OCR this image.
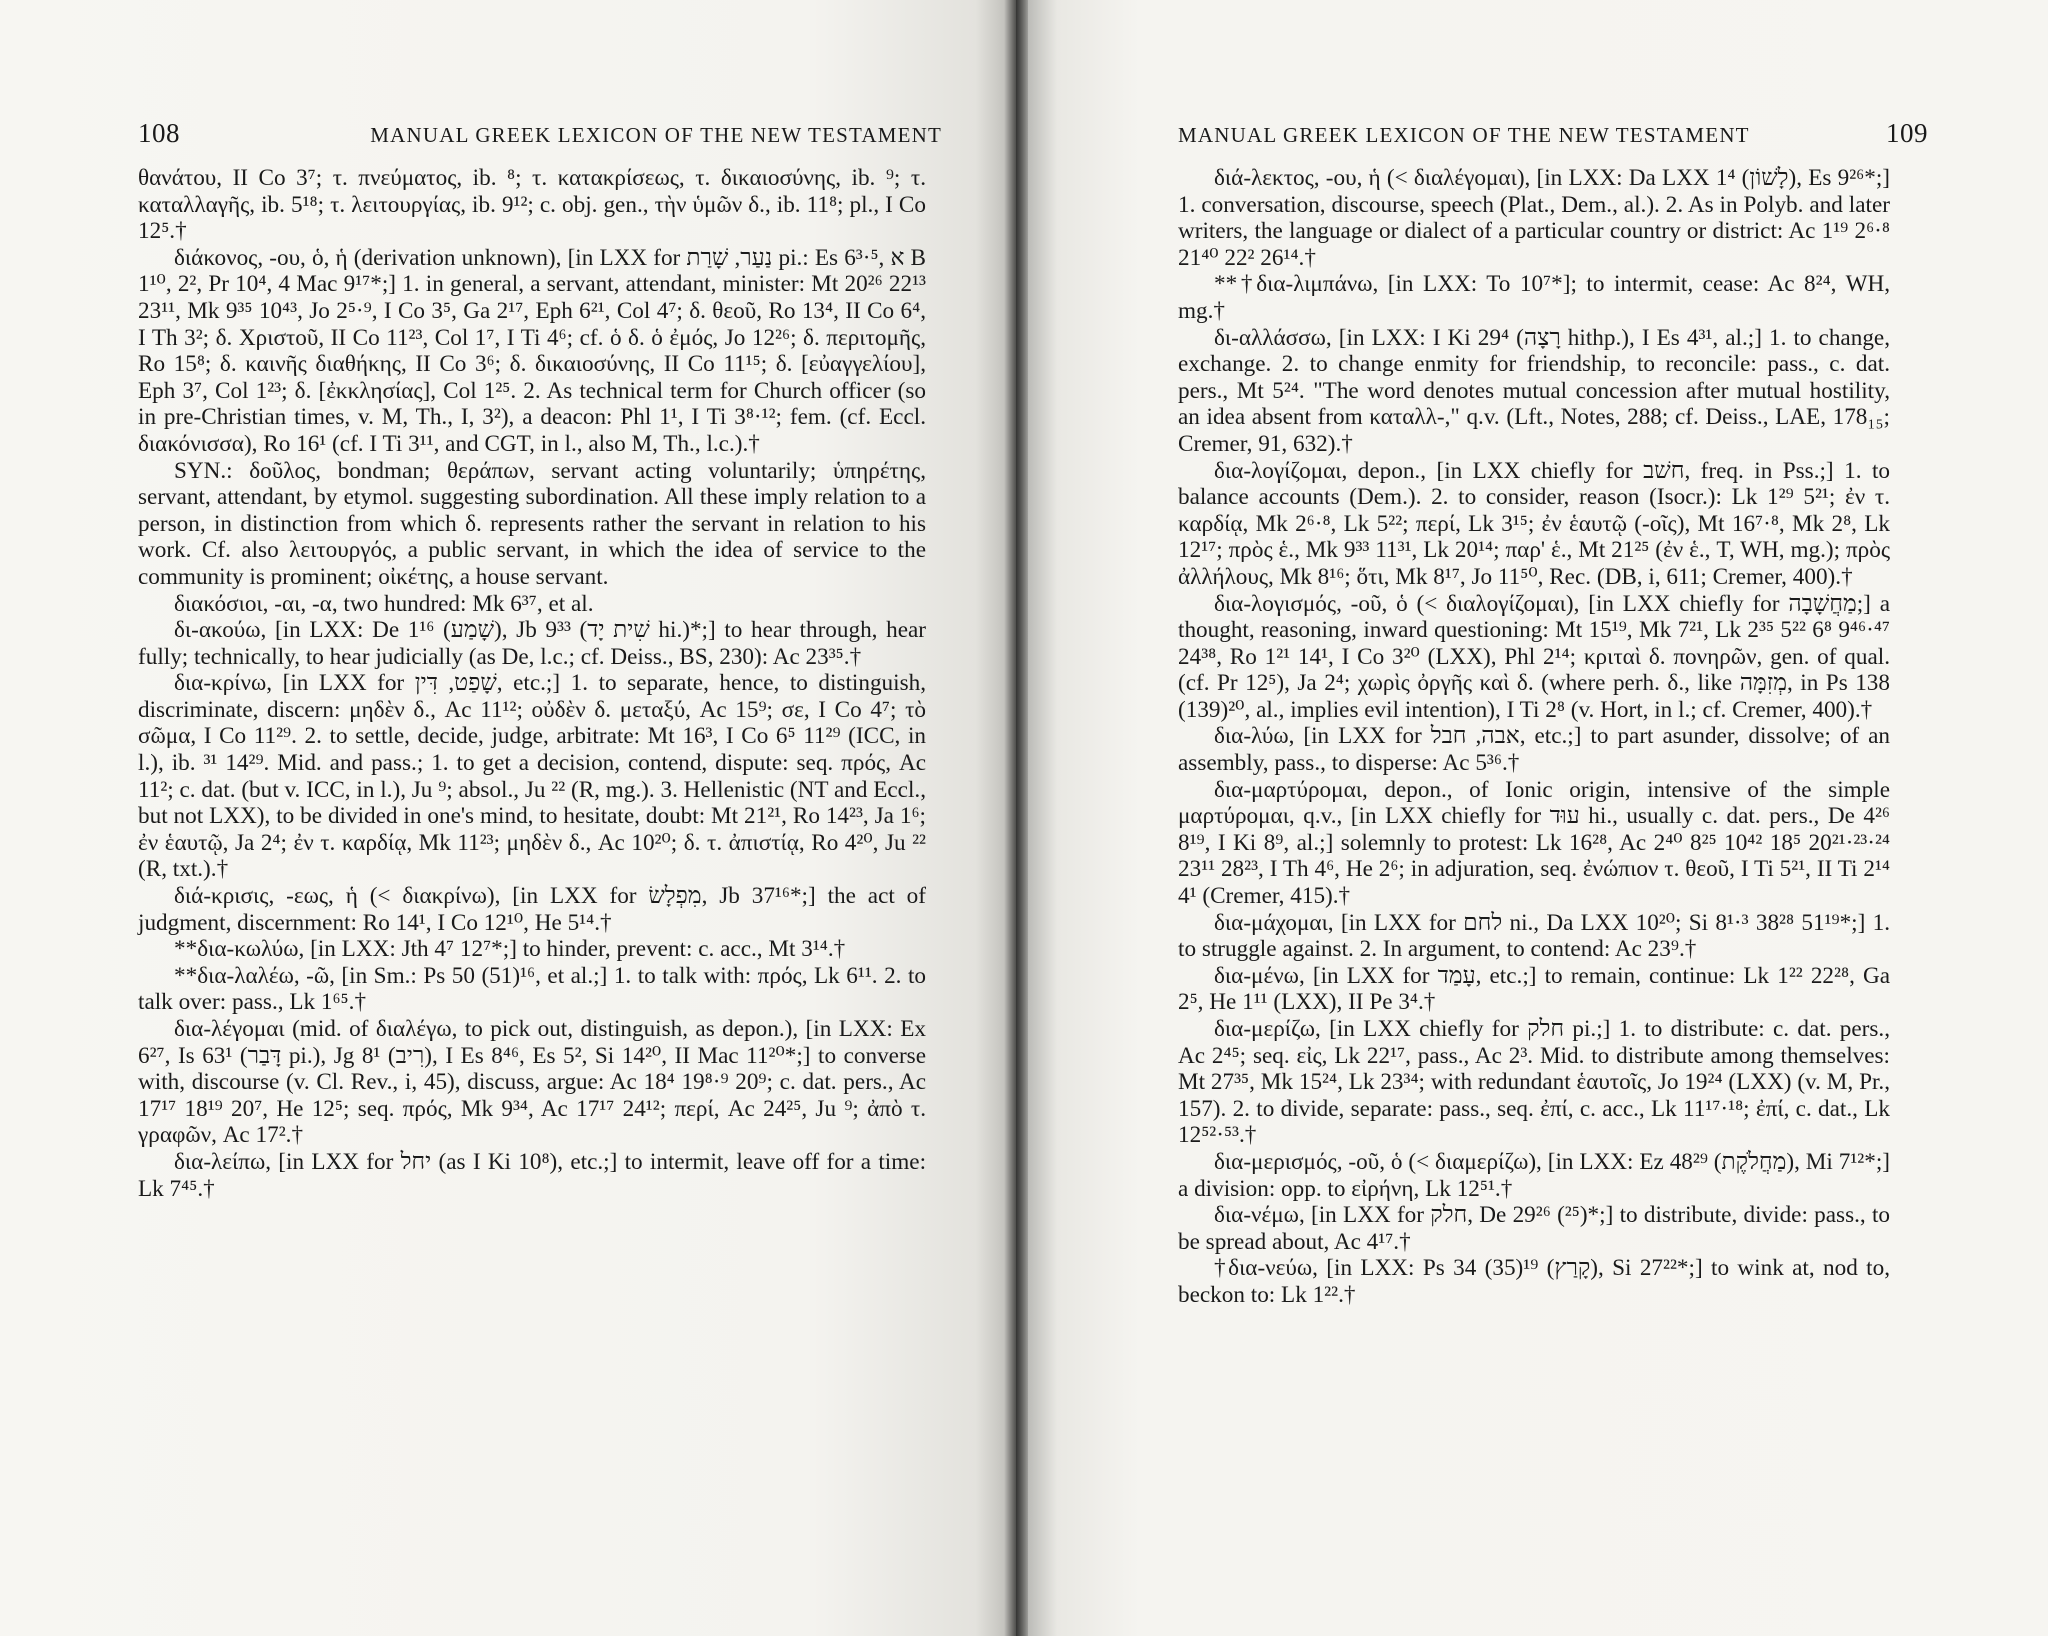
108	MANUAL GREEK LEXICON OF THE NEW TESTAMENT

θανάτου, II Co 3⁷; τ. πνεύματος, ib. ⁸; τ. κατακρίσεως, τ. δικαιοσύνης, ib. ⁹; τ. καταλλαγῆς, ib. 5¹⁸; τ. λειτουργίας, ib. 9¹²; c. obj. gen., τὴν ὑμῶν δ., ib. 11⁸; pl., I Co 12⁵.†

διάκονος, -ου, ὁ, ἡ (derivation unknown), [in LXX for נַעַר, שָׁרַת pi.: Es 6³·⁵, א B 1¹⁰, 2², Pr 10⁴, 4 Mac 9¹⁷*;] 1. in general, a servant, attendant, minister: Mt 20²⁶ 22¹³ 23¹¹, Mk 9³⁵ 10⁴³, Jo 2⁵·⁹, I Co 3⁵, Ga 2¹⁷, Eph 6²¹, Col 4⁷; δ. θεοῦ, Ro 13⁴, II Co 6⁴, I Th 3²; δ. Χριστοῦ, II Co 11²³, Col 1⁷, I Ti 4⁶; cf. ὁ δ. ὁ ἐμός, Jo 12²⁶; δ. περιτομῆς, Ro 15⁸; δ. καινῆς διαθήκης, II Co 3⁶; δ. δικαιοσύνης, II Co 11¹⁵; δ. [εὐαγγελίου], Eph 3⁷, Col 1²³; δ. [ἐκκλησίας], Col 1²⁵. 2. As technical term for Church officer (so in pre-Christian times, v. M, Th., I, 3²), a deacon: Phl 1¹, I Ti 3⁸·¹²; fem. (cf. Eccl. διακόνισσα), Ro 16¹ (cf. I Ti 3¹¹, and CGT, in l., also M, Th., l.c.).†

SYN.: δοῦλος, bondman; θεράπων, servant acting voluntarily; ὑπηρέτης, servant, attendant, by etymol. suggesting subordination. All these imply relation to a person, in distinction from which δ. represents rather the servant in relation to his work. Cf. also λειτουργός, a public servant, in which the idea of service to the community is prominent; οἰκέτης, a house servant.

διακόσιοι, -αι, -α, two hundred: Mk 6³⁷, et al.

δι-ακούω, [in LXX: De 1¹⁶ (שָׁמַע), Jb 9³³ (שִׁית יָד hi.)*;] to hear through, hear fully; technically, to hear judicially (as De, l.c.; cf. Deiss., BS, 230): Ac 23³⁵.†

δια-κρίνω, [in LXX for שָׁפַט, דִּין, etc.;] 1. to separate, hence, to distinguish, discriminate, discern: μηδὲν δ., Ac 11¹²; οὐδὲν δ. μεταξύ, Ac 15⁹; σε, I Co 4⁷; τὸ σῶμα, I Co 11²⁹. 2. to settle, decide, judge, arbitrate: Mt 16³, I Co 6⁵ 11²⁹ (ICC, in l.), ib. ³¹ 14²⁹. Mid. and pass.; 1. to get a decision, contend, dispute: seq. πρός, Ac 11²; c. dat. (but v. ICC, in l.), Ju ⁹; absol., Ju ²² (R, mg.). 3. Hellenistic (NT and Eccl., but not LXX), to be divided in one's mind, to hesitate, doubt: Mt 21²¹, Ro 14²³, Ja 1⁶; ἐν ἑαυτῷ, Ja 2⁴; ἐν τ. καρδίᾳ, Mk 11²³; μηδὲν δ., Ac 10²⁰; δ. τ. ἀπιστίᾳ, Ro 4²⁰, Ju ²² (R, txt.).†

διά-κρισις, -εως, ἡ (< διακρίνω), [in LXX for מִפְלָשׂ, Jb 37¹⁶*;] the act of judgment, discernment: Ro 14¹, I Co 12¹⁰, He 5¹⁴.†

**δια-κωλύω, [in LXX: Jth 4⁷ 12⁷*;] to hinder, prevent: c. acc., Mt 3¹⁴.†

**δια-λαλέω, -ῶ, [in Sm.: Ps 50 (51)¹⁶, et al.;] 1. to talk with: πρός, Lk 6¹¹. 2. to talk over: pass., Lk 1⁶⁵.†

δια-λέγομαι (mid. of διαλέγω, to pick out, distinguish, as depon.), [in LXX: Ex 6²⁷, Is 63¹ (דָּבַר pi.), Jg 8¹ (רִיב), I Es 8⁴⁶, Es 5², Si 14²⁰, II Mac 11²⁰*;] to converse with, discourse (v. Cl. Rev., i, 45), discuss, argue: Ac 18⁴ 19⁸·⁹ 20⁹; c. dat. pers., Ac 17¹⁷ 18¹⁹ 20⁷, He 12⁵; seq. πρός, Mk 9³⁴, Ac 17¹⁷ 24¹²; περί, Ac 24²⁵, Ju ⁹; ἀπὸ τ. γραφῶν, Ac 17².†

δια-λείπω, [in LXX for יחל (as I Ki 10⁸), etc.;] to intermit, leave off for a time: Lk 7⁴⁵.†

MANUAL GREEK LEXICON OF THE NEW TESTAMENT	109

διά-λεκτος, -ου, ἡ (< διαλέγομαι), [in LXX: Da LXX 1⁴ (לָשׁוֹן), Es 9²⁶*;] 1. conversation, discourse, speech (Plat., Dem., al.). 2. As in Polyb. and later writers, the language or dialect of a particular country or district: Ac 1¹⁹ 2⁶·⁸ 21⁴⁰ 22² 26¹⁴.†

**†δια-λιμπάνω, [in LXX: To 10⁷*]; to intermit, cease: Ac 8²⁴, WH, mg.†

δι-αλλάσσω, [in LXX: I Ki 29⁴ (רָצָה hithp.), I Es 4³¹, al.;] 1. to change, exchange. 2. to change enmity for friendship, to reconcile: pass., c. dat. pers., Mt 5²⁴. "The word denotes mutual concession after mutual hostility, an idea absent from καταλλ-," q.v. (Lft., Notes, 288; cf. Deiss., LAE, 178₁₅; Cremer, 91, 632).†

δια-λογίζομαι, depon., [in LXX chiefly for חשׁב, freq. in Pss.;] 1. to balance accounts (Dem.). 2. to consider, reason (Isocr.): Lk 1²⁹ 5²¹; ἐν τ. καρδίᾳ, Mk 2⁶·⁸, Lk 5²²; περί, Lk 3¹⁵; ἐν ἑαυτῷ (-οῖς), Mt 16⁷·⁸, Mk 2⁸, Lk 12¹⁷; πρὸς ἑ., Mk 9³³ 11³¹, Lk 20¹⁴; παρ' ἑ., Mt 21²⁵ (ἐν ἑ., T, WH, mg.); πρὸς ἀλλήλους, Mk 8¹⁶; ὅτι, Mk 8¹⁷, Jo 11⁵⁰, Rec. (DB, i, 611; Cremer, 400).†

δια-λογισμός, -οῦ, ὁ (< διαλογίζομαι), [in LXX chiefly for מַחֲשָׁבָה;] a thought, reasoning, inward questioning: Mt 15¹⁹, Mk 7²¹, Lk 2³⁵ 5²² 6⁸ 9⁴⁶·⁴⁷ 24³⁸, Ro 1²¹ 14¹, I Co 3²⁰ (LXX), Phl 2¹⁴; κριταὶ δ. πονηρῶν, gen. of qual. (cf. Pr 12⁵), Ja 2⁴; χωρὶς ὀργῆς καὶ δ. (where perh. δ., like מְזִמָּה, in Ps 138 (139)²⁰, al., implies evil intention), I Ti 2⁸ (v. Hort, in l.; cf. Cremer, 400).†

δια-λύω, [in LXX for אבה, חבל, etc.;] to part asunder, dissolve; of an assembly, pass., to disperse: Ac 5³⁶.†

δια-μαρτύρομαι, depon., of Ionic origin, intensive of the simple μαρτύρομαι, q.v., [in LXX chiefly for עוּד hi., usually c. dat. pers., De 4²⁶ 8¹⁹, I Ki 8⁹, al.;] solemnly to protest: Lk 16²⁸, Ac 2⁴⁰ 8²⁵ 10⁴² 18⁵ 20²¹·²³·²⁴ 23¹¹ 28²³, I Th 4⁶, He 2⁶; in adjuration, seq. ἐνώπιον τ. θεοῦ, I Ti 5²¹, II Ti 2¹⁴ 4¹ (Cremer, 415).†

δια-μάχομαι, [in LXX for לחם ni., Da LXX 10²⁰; Si 8¹·³ 38²⁸ 51¹⁹*;] 1. to struggle against. 2. In argument, to contend: Ac 23⁹.†

δια-μένω, [in LXX for עָמַד, etc.;] to remain, continue: Lk 1²² 22²⁸, Ga 2⁵, He 1¹¹ (LXX), II Pe 3⁴.†

δια-μερίζω, [in LXX chiefly for חלק pi.;] 1. to distribute: c. dat. pers., Ac 2⁴⁵; seq. εἰς, Lk 22¹⁷, pass., Ac 2³. Mid. to distribute among themselves: Mt 27³⁵, Mk 15²⁴, Lk 23³⁴; with redundant ἑαυτοῖς, Jo 19²⁴ (LXX) (v. M, Pr., 157). 2. to divide, separate: pass., seq. ἐπί, c. acc., Lk 11¹⁷·¹⁸; ἐπί, c. dat., Lk 12⁵²·⁵³.†

δια-μερισμός, -οῦ, ὁ (< διαμερίζω), [in LXX: Ez 48²⁹ (מַחֲלֹקֶת), Mi 7¹²*;] a division: opp. to εἰρήνη, Lk 12⁵¹.†

δια-νέμω, [in LXX for חלק, De 29²⁶ (²⁵)*;] to distribute, divide: pass., to be spread about, Ac 4¹⁷.†

†δια-νεύω, [in LXX: Ps 34 (35)¹⁹ (קָרַץ), Si 27²²*;] to wink at, nod to, beckon to: Lk 1²².†
